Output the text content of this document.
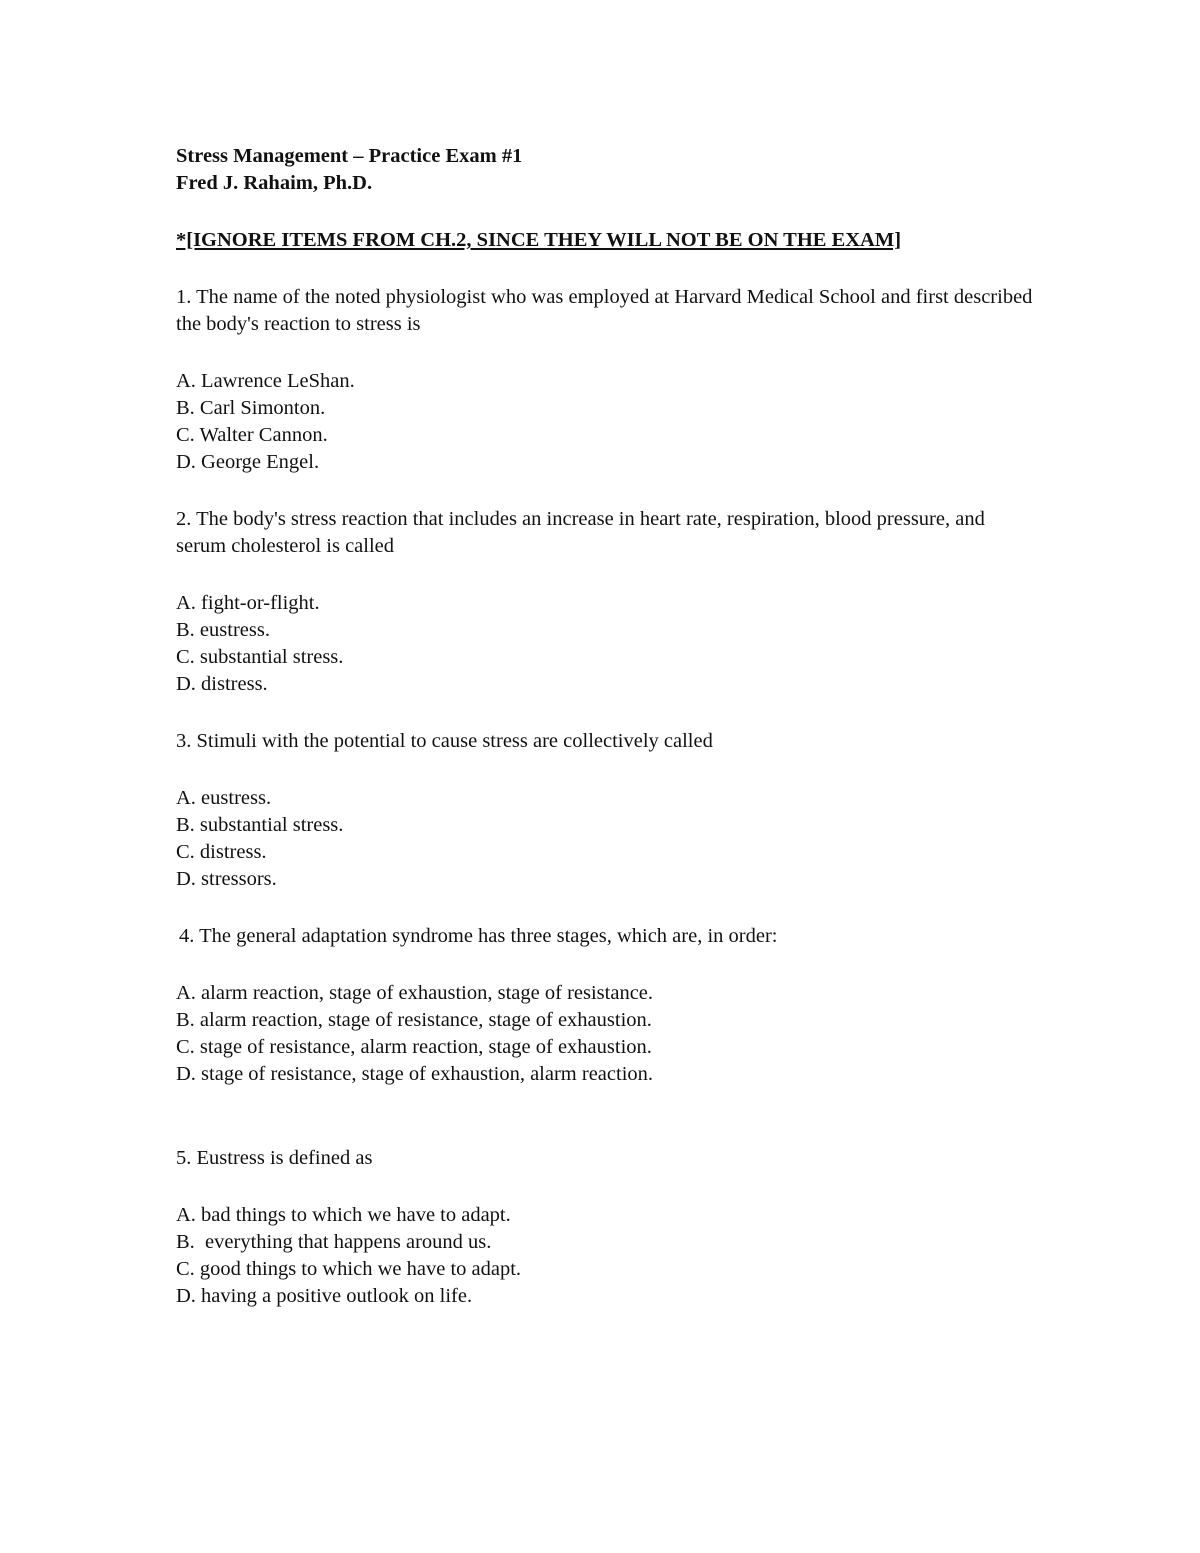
Stress Management – Practice Exam #1

Fred J. Rahaim, Ph.D.

*[IGNORE ITEMS FROM CH.2, SINCE THEY WILL NOT BE ON THE EXAM]

1. The name of the noted physiologist who was employed at Harvard Medical School and first described the body's reaction to stress is

A. Lawrence LeShan.
B. Carl Simonton.
C. Walter Cannon.
D. George Engel.

2. The body's stress reaction that includes an increase in heart rate, respiration, blood pressure, and serum cholesterol is called

A. fight-or-flight.
B. eustress.
C. substantial stress.
D. distress.

3. Stimuli with the potential to cause stress are collectively called

A. eustress.
B. substantial stress.
C. distress.
D. stressors.

4. The general adaptation syndrome has three stages, which are, in order:

A. alarm reaction, stage of exhaustion, stage of resistance.
B. alarm reaction, stage of resistance, stage of exhaustion.
C. stage of resistance, alarm reaction, stage of exhaustion.
D. stage of resistance, stage of exhaustion, alarm reaction.

5. Eustress is defined as

A. bad things to which we have to adapt.
B.  everything that happens around us.
C. good things to which we have to adapt.
D. having a positive outlook on life.
